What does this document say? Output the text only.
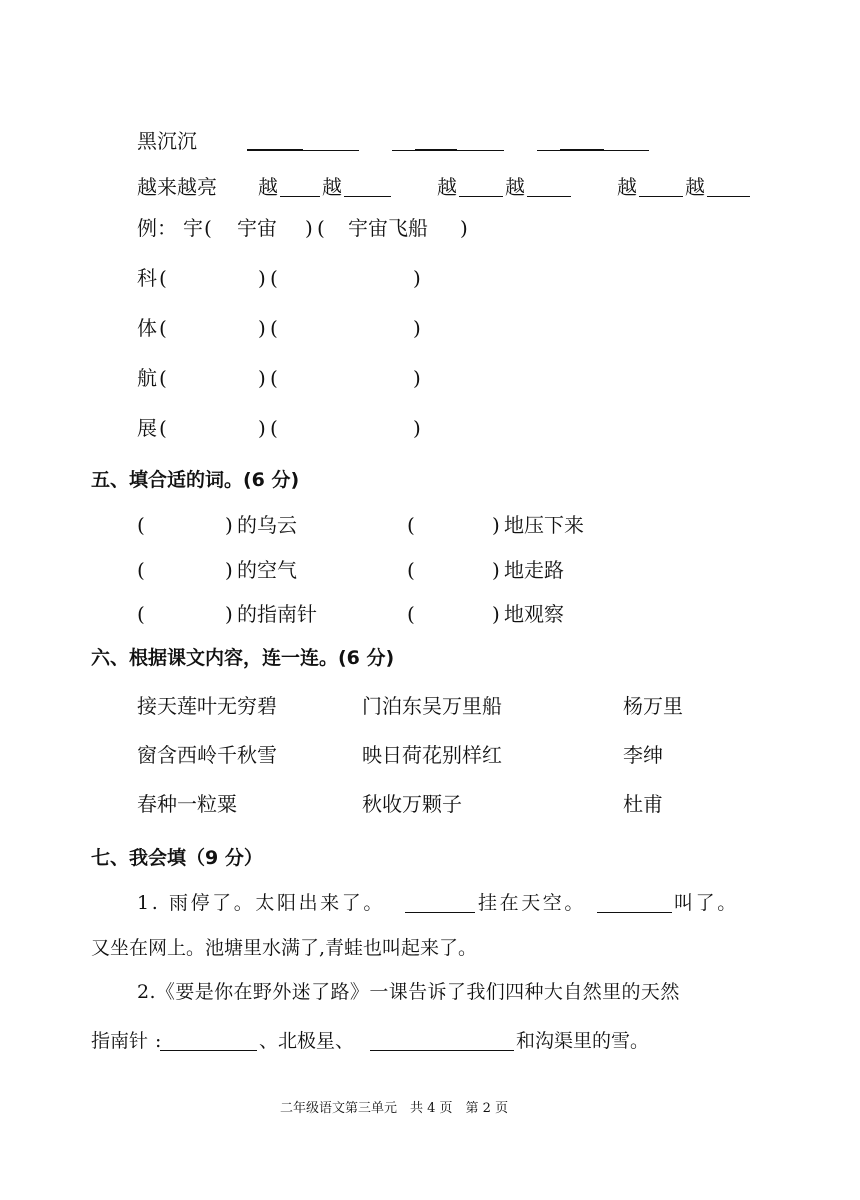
黑沉沉
越来越亮 越 越	越 越	越 越
例： 宇 ( 宇宙 ) ( 宇宙飞船 )
科 (	) (	)
体 (	) (	)
航 (	) (	)
展 (	) (	)
五、填合适的词。(6 分)
(	) 的乌云	(	) 地压下来
(	) 的空气	(	) 地走路
(	) 的指南针	(	) 地观察
六、根据课文内容，连一连。(6 分)
接天莲叶无穷碧	门泊东吴万里船	杨万里
窗含西岭千秋雪	映日荷花别样红	李绅
春种一粒粟	秋收万颗子	杜甫
七、我会填（9 分）
1. 雨停了。太阳出来了。	挂在天空。	叫了。
又坐在网上。池塘里水满了,青蛙也叫起来了。
2.《要是你在野外迷了路》一课告诉了我们四种大自然里的天然
指南针 :	、北极星、	和沟渠里的雪。
二年级语文第三单元　共 4 页　第 2 页
